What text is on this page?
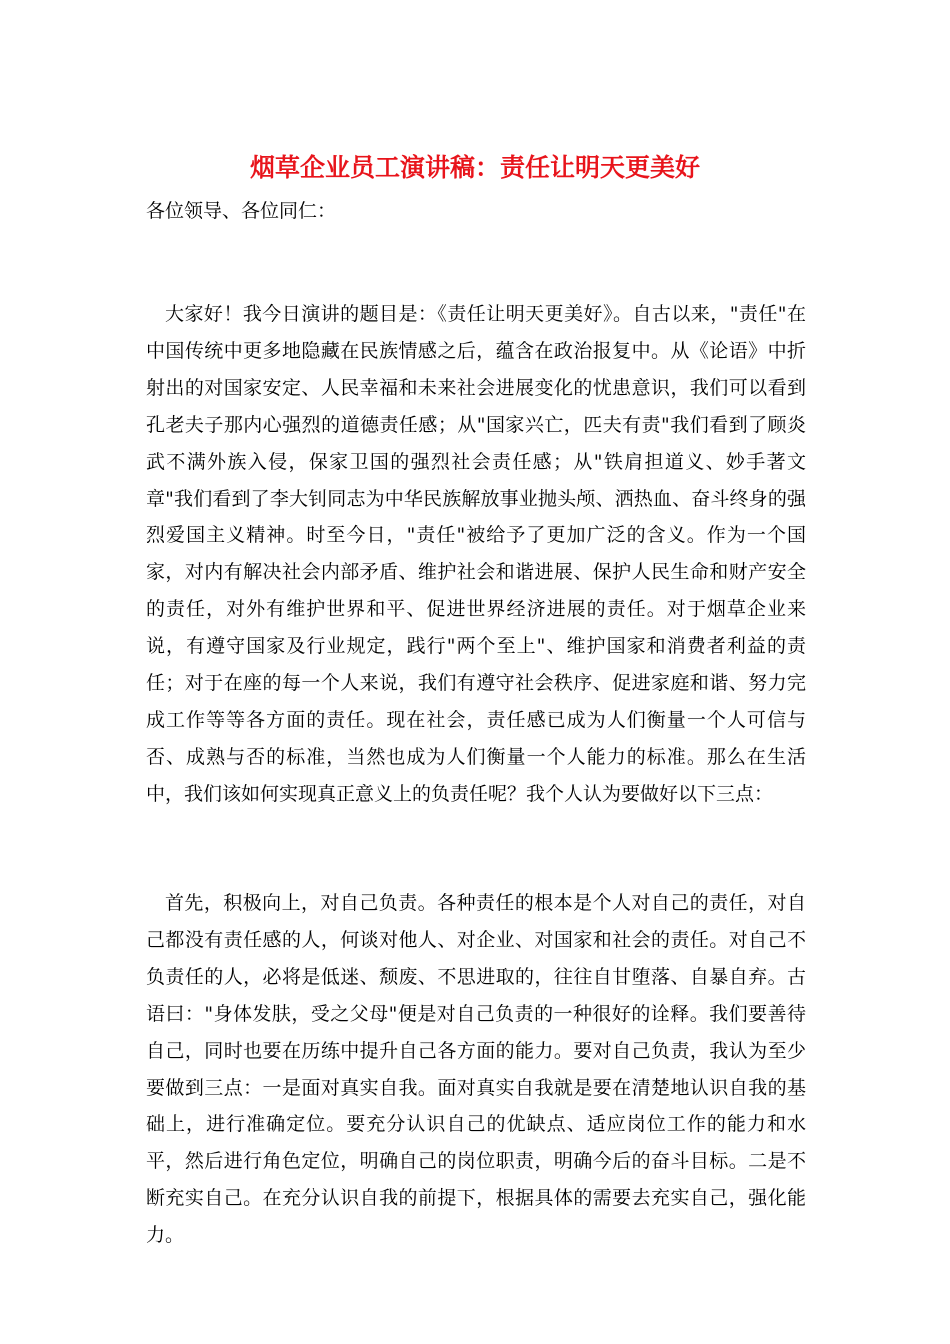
烟草企业员工演讲稿：责任让明天更美好

各位领导、各位同仁：

大家好！我今日演讲的题目是：《责任让明天更美好》。自古以来，"责任"在中国传统中更多地隐藏在民族情感之后，蕴含在政治报复中。从《论语》中折射出的对国家安定、人民幸福和未来社会进展变化的忧患意识，我们可以看到孔老夫子那内心强烈的道德责任感；从"国家兴亡，匹夫有责"我们看到了顾炎武不满外族入侵，保家卫国的强烈社会责任感；从"铁肩担道义、妙手著文章"我们看到了李大钊同志为中华民族解放事业抛头颅、洒热血、奋斗终身的强烈爱国主义精神。时至今日，"责任"被给予了更加广泛的含义。作为一个国家，对内有解决社会内部矛盾、维护社会和谐进展、保护人民生命和财产安全的责任，对外有维护世界和平、促进世界经济进展的责任。对于烟草企业来说，有遵守国家及行业规定，践行"两个至上"、维护国家和消费者利益的责任；对于在座的每一个人来说，我们有遵守社会秩序、促进家庭和谐、努力完成工作等等各方面的责任。现在社会，责任感已成为人们衡量一个人可信与否、成熟与否的标准，当然也成为人们衡量一个人能力的标准。那么在生活中，我们该如何实现真正意义上的负责任呢？我个人认为要做好以下三点：

首先，积极向上，对自己负责。各种责任的根本是个人对自己的责任，对自己都没有责任感的人，何谈对他人、对企业、对国家和社会的责任。对自己不负责任的人，必将是低迷、颓废、不思进取的，往往自甘堕落、自暴自弃。古语曰："身体发肤，受之父母"便是对自己负责的一种很好的诠释。我们要善待自己，同时也要在历练中提升自己各方面的能力。要对自己负责，我认为至少要做到三点：一是面对真实自我。面对真实自我就是要在清楚地认识自我的基础上，进行准确定位。要充分认识自己的优缺点、适应岗位工作的能力和水平，然后进行角色定位，明确自己的岗位职责，明确今后的奋斗目标。二是不断充实自己。在充分认识自我的前提下，根据具体的需要去充实自己，强化能力。
